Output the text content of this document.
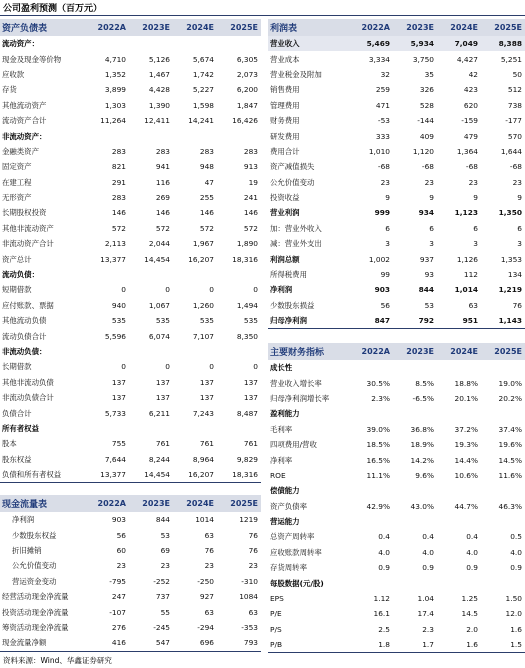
公司盈利预测（百万元）
资产负债表	2022A	2023E	2024E	2025E
流动资产：
现金及现金等价物	4,710	5,126	5,674	6,305
应收款	1,352	1,467	1,742	2,073
存货	3,899	4,428	5,227	6,200
其他流动资产	1,303	1,390	1,598	1,847
流动资产合计	11,264	12,411	14,241	16,426
非流动资产：
金融类资产	283	283	283	283
固定资产	821	941	948	913
在建工程	291	116	47	19
无形资产	283	269	255	241
长期股权投资	146	146	146	146
其他非流动资产	572	572	572	572
非流动资产合计	2,113	2,044	1,967	1,890
资产总计	13,377	14,454	16,207	18,316
流动负债：
短期借款	0	0	0	0
应付账款、票据	940	1,067	1,260	1,494
其他流动负债	535	535	535	535
流动负债合计	5,596	6,074	7,107	8,350
非流动负债：
长期借款	0	0	0	0
其他非流动负债	137	137	137	137
非流动负债合计	137	137	137	137
负债合计	5,733	6,211	7,243	8,487
所有者权益
股本	755	761	761	761
股东权益	7,644	8,244	8,964	9,829
负债和所有者权益	13,377	14,454	16,207	18,316
现金流量表	2022A	2023E	2024E	2025E
净利润	903	844	1014	1219
少数股东权益	56	53	63	76
折旧摊销	60	69	76	76
公允价值变动	23	23	23	23
营运资金变动	-795	-252	-250	-310
经营活动现金净流量	247	737	927	1084
投资活动现金净流量	-107	55	63	63
筹资活动现金净流量	276	-245	-294	-353
现金流量净额	416	547	696	793
利润表	2022A	2023E	2024E	2025E
营业收入	5,469	5,934	7,049	8,388
营业成本	3,334	3,750	4,427	5,251
营业税金及附加	32	35	42	50
销售费用	259	326	423	512
管理费用	471	528	620	738
财务费用	-53	-144	-159	-177
研发费用	333	409	479	570
费用合计	1,010	1,120	1,364	1,644
资产减值损失	-68	-68	-68	-68
公允价值变动	23	23	23	23
投资收益	9	9	9	9
营业利润	999	934	1,123	1,350
加：营业外收入	6	6	6	6
减：营业外支出	3	3	3	3
利润总额	1,002	937	1,126	1,353
所得税费用	99	93	112	134
净利润	903	844	1,014	1,219
少数股东损益	56	53	63	76
归母净利润	847	792	951	1,143
主要财务指标	2022A	2023E	2024E	2025E
成长性
营业收入增长率	30.5%	8.5%	18.8%	19.0%
归母净利润增长率	2.3%	-6.5%	20.1%	20.2%
盈利能力
毛利率	39.0%	36.8%	37.2%	37.4%
四项费用/营收	18.5%	18.9%	19.3%	19.6%
净利率	16.5%	14.2%	14.4%	14.5%
ROE	11.1%	9.6%	10.6%	11.6%
偿债能力
资产负债率	42.9%	43.0%	44.7%	46.3%
营运能力
总资产周转率	0.4	0.4	0.4	0.5
应收账款周转率	4.0	4.0	4.0	4.0
存货周转率	0.9	0.9	0.9	0.9
每股数据(元/股)
EPS	1.12	1.04	1.25	1.50
P/E	16.1	17.4	14.5	12.0
P/S	2.5	2.3	2.0	1.6
P/B	1.8	1.7	1.6	1.5
资料来源：Wind、华鑫证券研究
